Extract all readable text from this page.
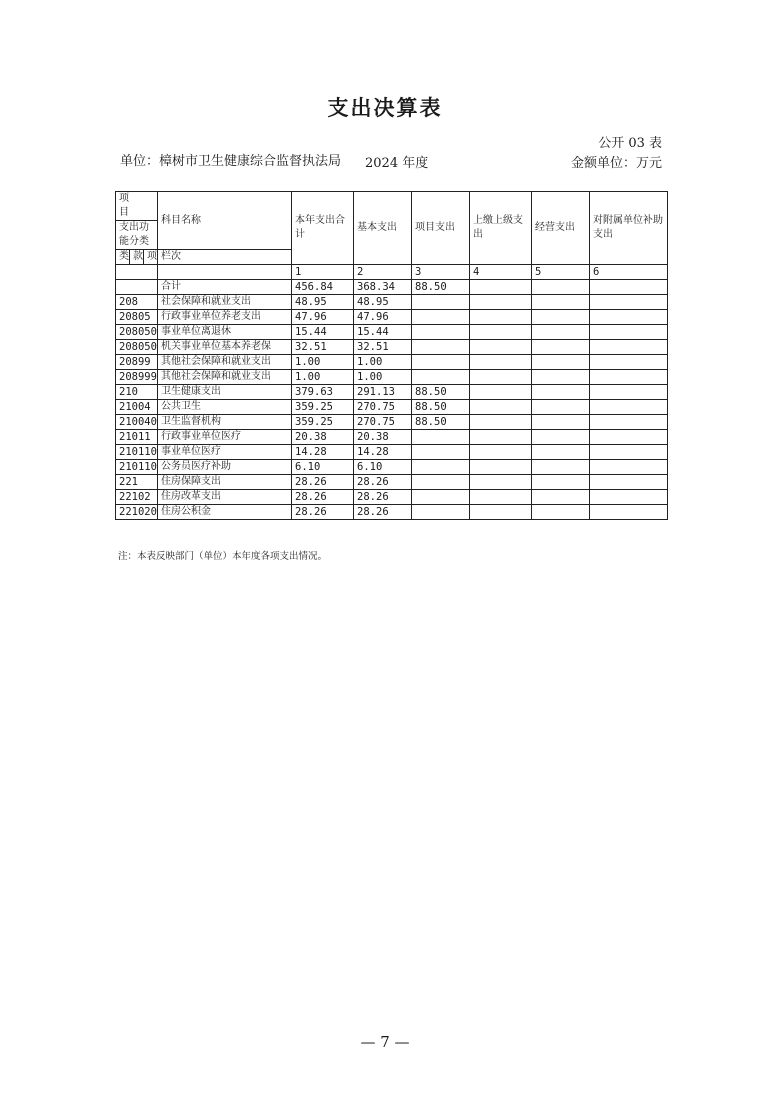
支出决算表
公开 03 表
单位：樟树市卫生健康综合监督执法局	2024 年度	金额单位：万元
项　　目			科目名称	本年支出合计	基本支出	项目支出	上缴上级支出	经营支出	对附属单位补助支出
支出功能分类									
类	款	项	栏次						
				1	2	3	4	5	6
			合计	456.84	368.34	88.50			
208			社会保障和就业支出	48.95	48.95				
20805			行政事业单位养老支出	47.96	47.96				
208050			事业单位离退休	15.44	15.44				
208050			机关事业单位基本养老保	32.51	32.51				
20899			其他社会保障和就业支出	1.00	1.00				
208999			其他社会保障和就业支出	1.00	1.00				
210			卫生健康支出	379.63	291.13	88.50			
21004			公共卫生	359.25	270.75	88.50			
210040			卫生监督机构	359.25	270.75	88.50			
21011			行政事业单位医疗	20.38	20.38				
210110			事业单位医疗	14.28	14.28				
210110			公务员医疗补助	6.10	6.10				
221			住房保障支出	28.26	28.26				
22102			住房改革支出	28.26	28.26				
221020			住房公积金	28.26	28.26				
注：本表反映部门（单位）本年度各项支出情况。
— 7 —
